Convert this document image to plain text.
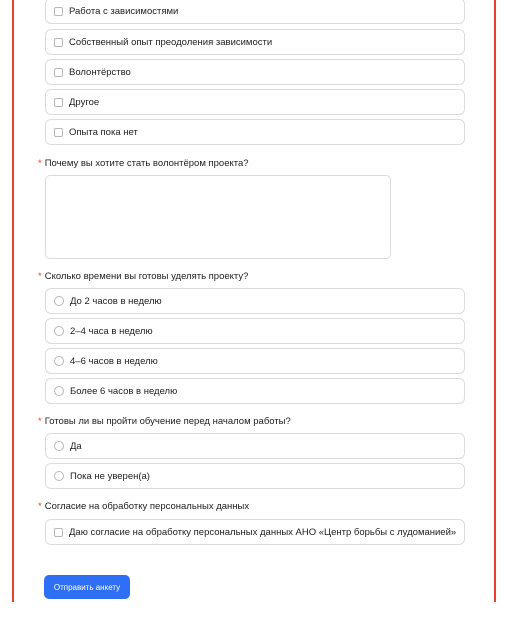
Работа с зависимостями
Собственный опыт преодоления зависимости
Волонтёрство
Другое
Опыта пока нет
* Почему вы хотите стать волонтёром проекта?
* Сколько времени вы готовы уделять проекту?
До 2 часов в неделю
2–4 часа в неделю
4–6 часов в неделю
Более 6 часов в неделю
* Готовы ли вы пройти обучение перед началом работы?
Да
Пока не уверен(а)
* Согласие на обработку персональных данных
Даю согласие на обработку персональных данных АНО «Центр борьбы с лудоманией»
Отправить анкету
